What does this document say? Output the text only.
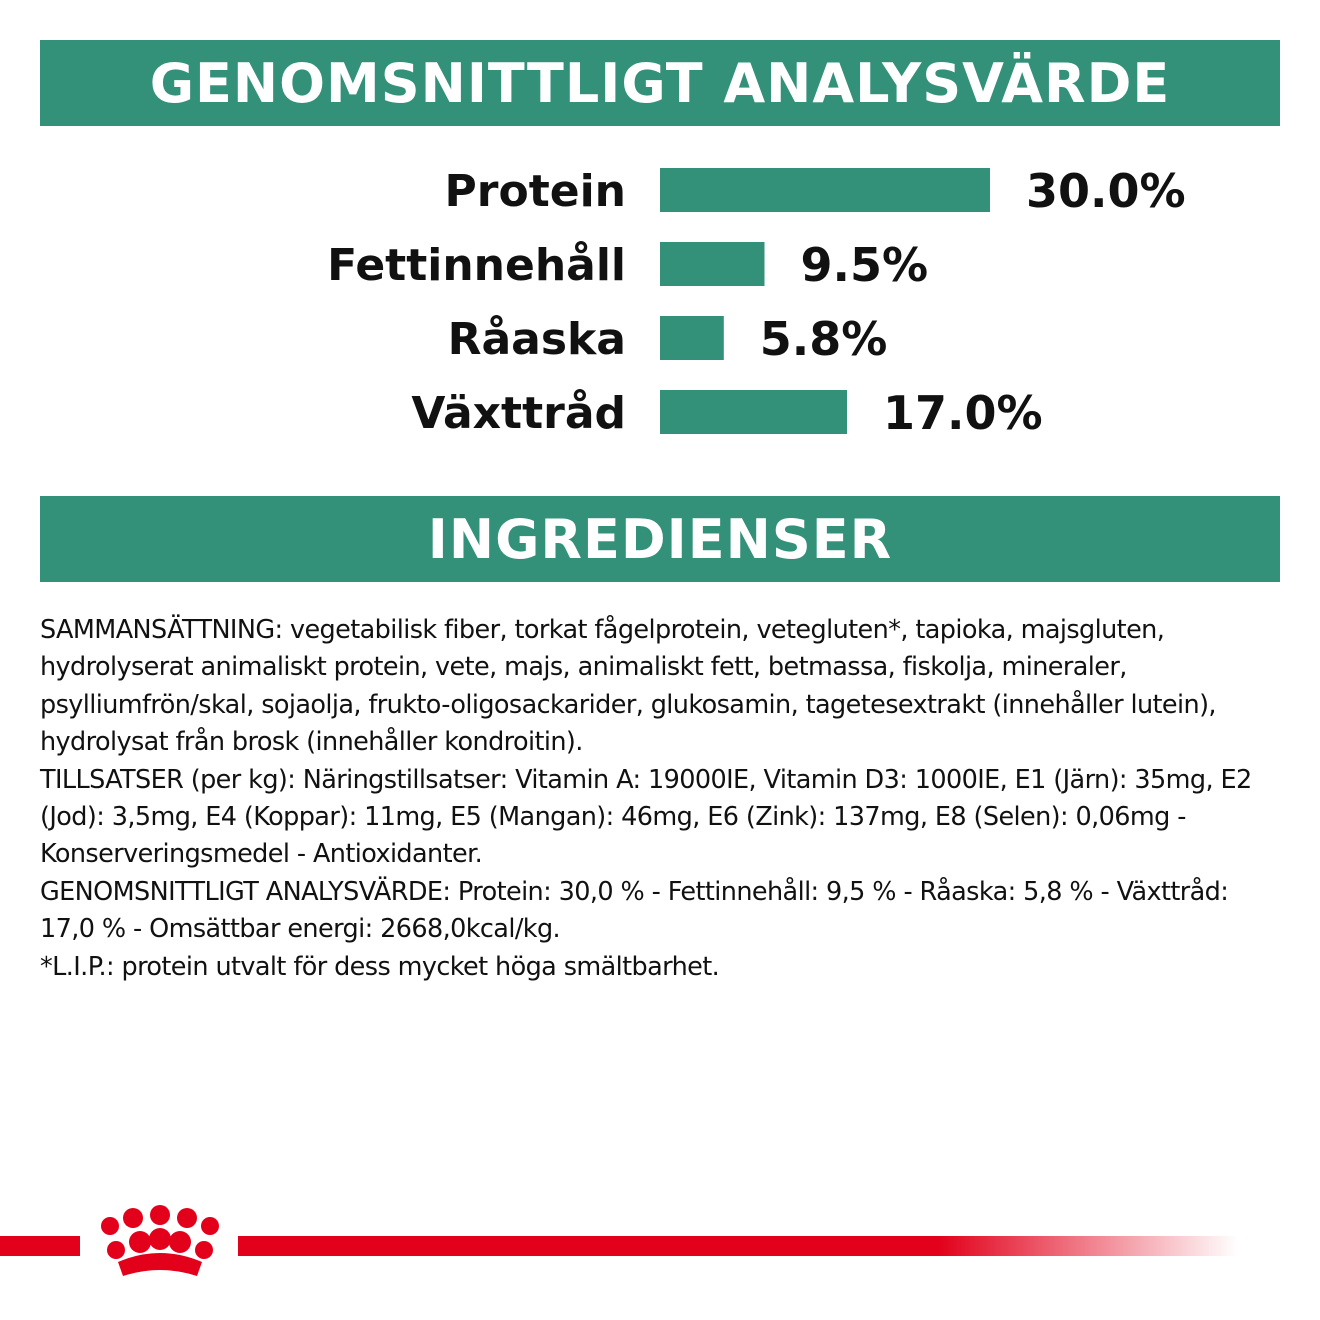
GENOMSNITTLIGT ANALYSVÄRDE
Protein	30.0%
Fettinnehåll	9.5%
Råaska	5.8%
Växttråd	17.0%
INGREDIENSER

SAMMANSÄTTNING: vegetabilisk fiber, torkat fågelprotein, vetegluten*, tapioka, majsgluten, hydrolyserat animaliskt protein, vete, majs, animaliskt fett, betmassa, fiskolja, mineraler, psylliumfrön/skal, sojaolja, frukto-oligosackarider, glukosamin, tagetesextrakt (innehåller lutein), hydrolysat från brosk (innehåller kondroitin).

TILLSATSER (per kg): Näringstillsatser: Vitamin A: 19000IE, Vitamin D3: 1000IE, E1 (Järn): 35mg, E2 (Jod): 3,5mg, E4 (Koppar): 11mg, E5 (Mangan): 46mg, E6 (Zink): 137mg, E8 (Selen): 0,06mg - Konserveringsmedel - Antioxidanter.

GENOMSNITTLIGT ANALYSVÄRDE: Protein: 30,0 % - Fettinnehåll: 9,5 % - Råaska: 5,8 % - Växttråd: 17,0 % - Omsättbar energi: 2668,0kcal/kg.

*L.I.P.: protein utvalt för dess mycket höga smältbarhet.
